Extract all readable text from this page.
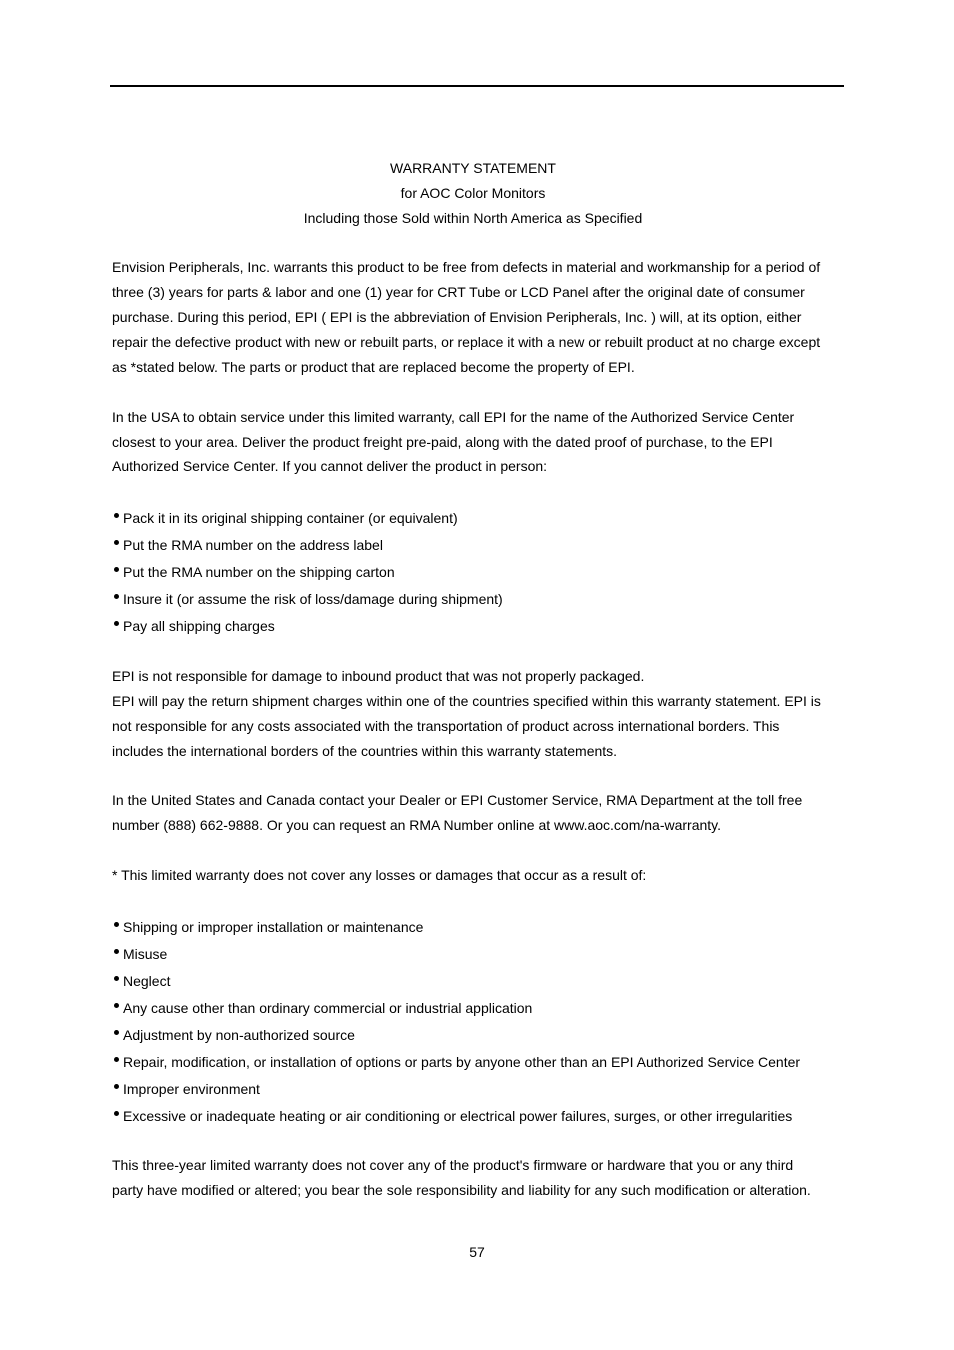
WARRANTY STATEMENT
for AOC Color Monitors
Including those Sold within North America as Specified
Envision Peripherals, Inc. warrants this product to be free from defects in material and workmanship for a period of
three (3) years for parts & labor and one (1) year for CRT Tube or LCD Panel after the original date of consumer
purchase. During this period, EPI ( EPI is the abbreviation of Envision Peripherals, Inc. ) will, at its option, either
repair the defective product with new or rebuilt parts, or replace it with a new or rebuilt product at no charge except
as *stated below. The parts or product that are replaced become the property of EPI.
In the USA to obtain service under this limited warranty, call EPI for the name of the Authorized Service Center
closest to your area. Deliver the product freight pre-paid, along with the dated proof of purchase, to the EPI
Authorized Service Center. If you cannot deliver the product in person:
Pack it in its original shipping container (or equivalent)
Put the RMA number on the address label
Put the RMA number on the shipping carton
Insure it (or assume the risk of loss/damage during shipment)
Pay all shipping charges
EPI is not responsible for damage to inbound product that was not properly packaged.
EPI will pay the return shipment charges within one of the countries specified within this warranty statement. EPI is
not responsible for any costs associated with the transportation of product across international borders. This
includes the international borders of the countries within this warranty statements.
In the United States and Canada contact your Dealer or EPI Customer Service, RMA Department at the toll free
number (888) 662-9888. Or you can request an RMA Number online at www.aoc.com/na-warranty.
* This limited warranty does not cover any losses or damages that occur as a result of:
Shipping or improper installation or maintenance
Misuse
Neglect
Any cause other than ordinary commercial or industrial application
Adjustment by non-authorized source
Repair, modification, or installation of options or parts by anyone other than an EPI Authorized Service Center
Improper environment
Excessive or inadequate heating or air conditioning or electrical power failures, surges, or other irregularities
This three-year limited warranty does not cover any of the product's firmware or hardware that you or any third
party have modified or altered; you bear the sole responsibility and liability for any such modification or alteration.
57
